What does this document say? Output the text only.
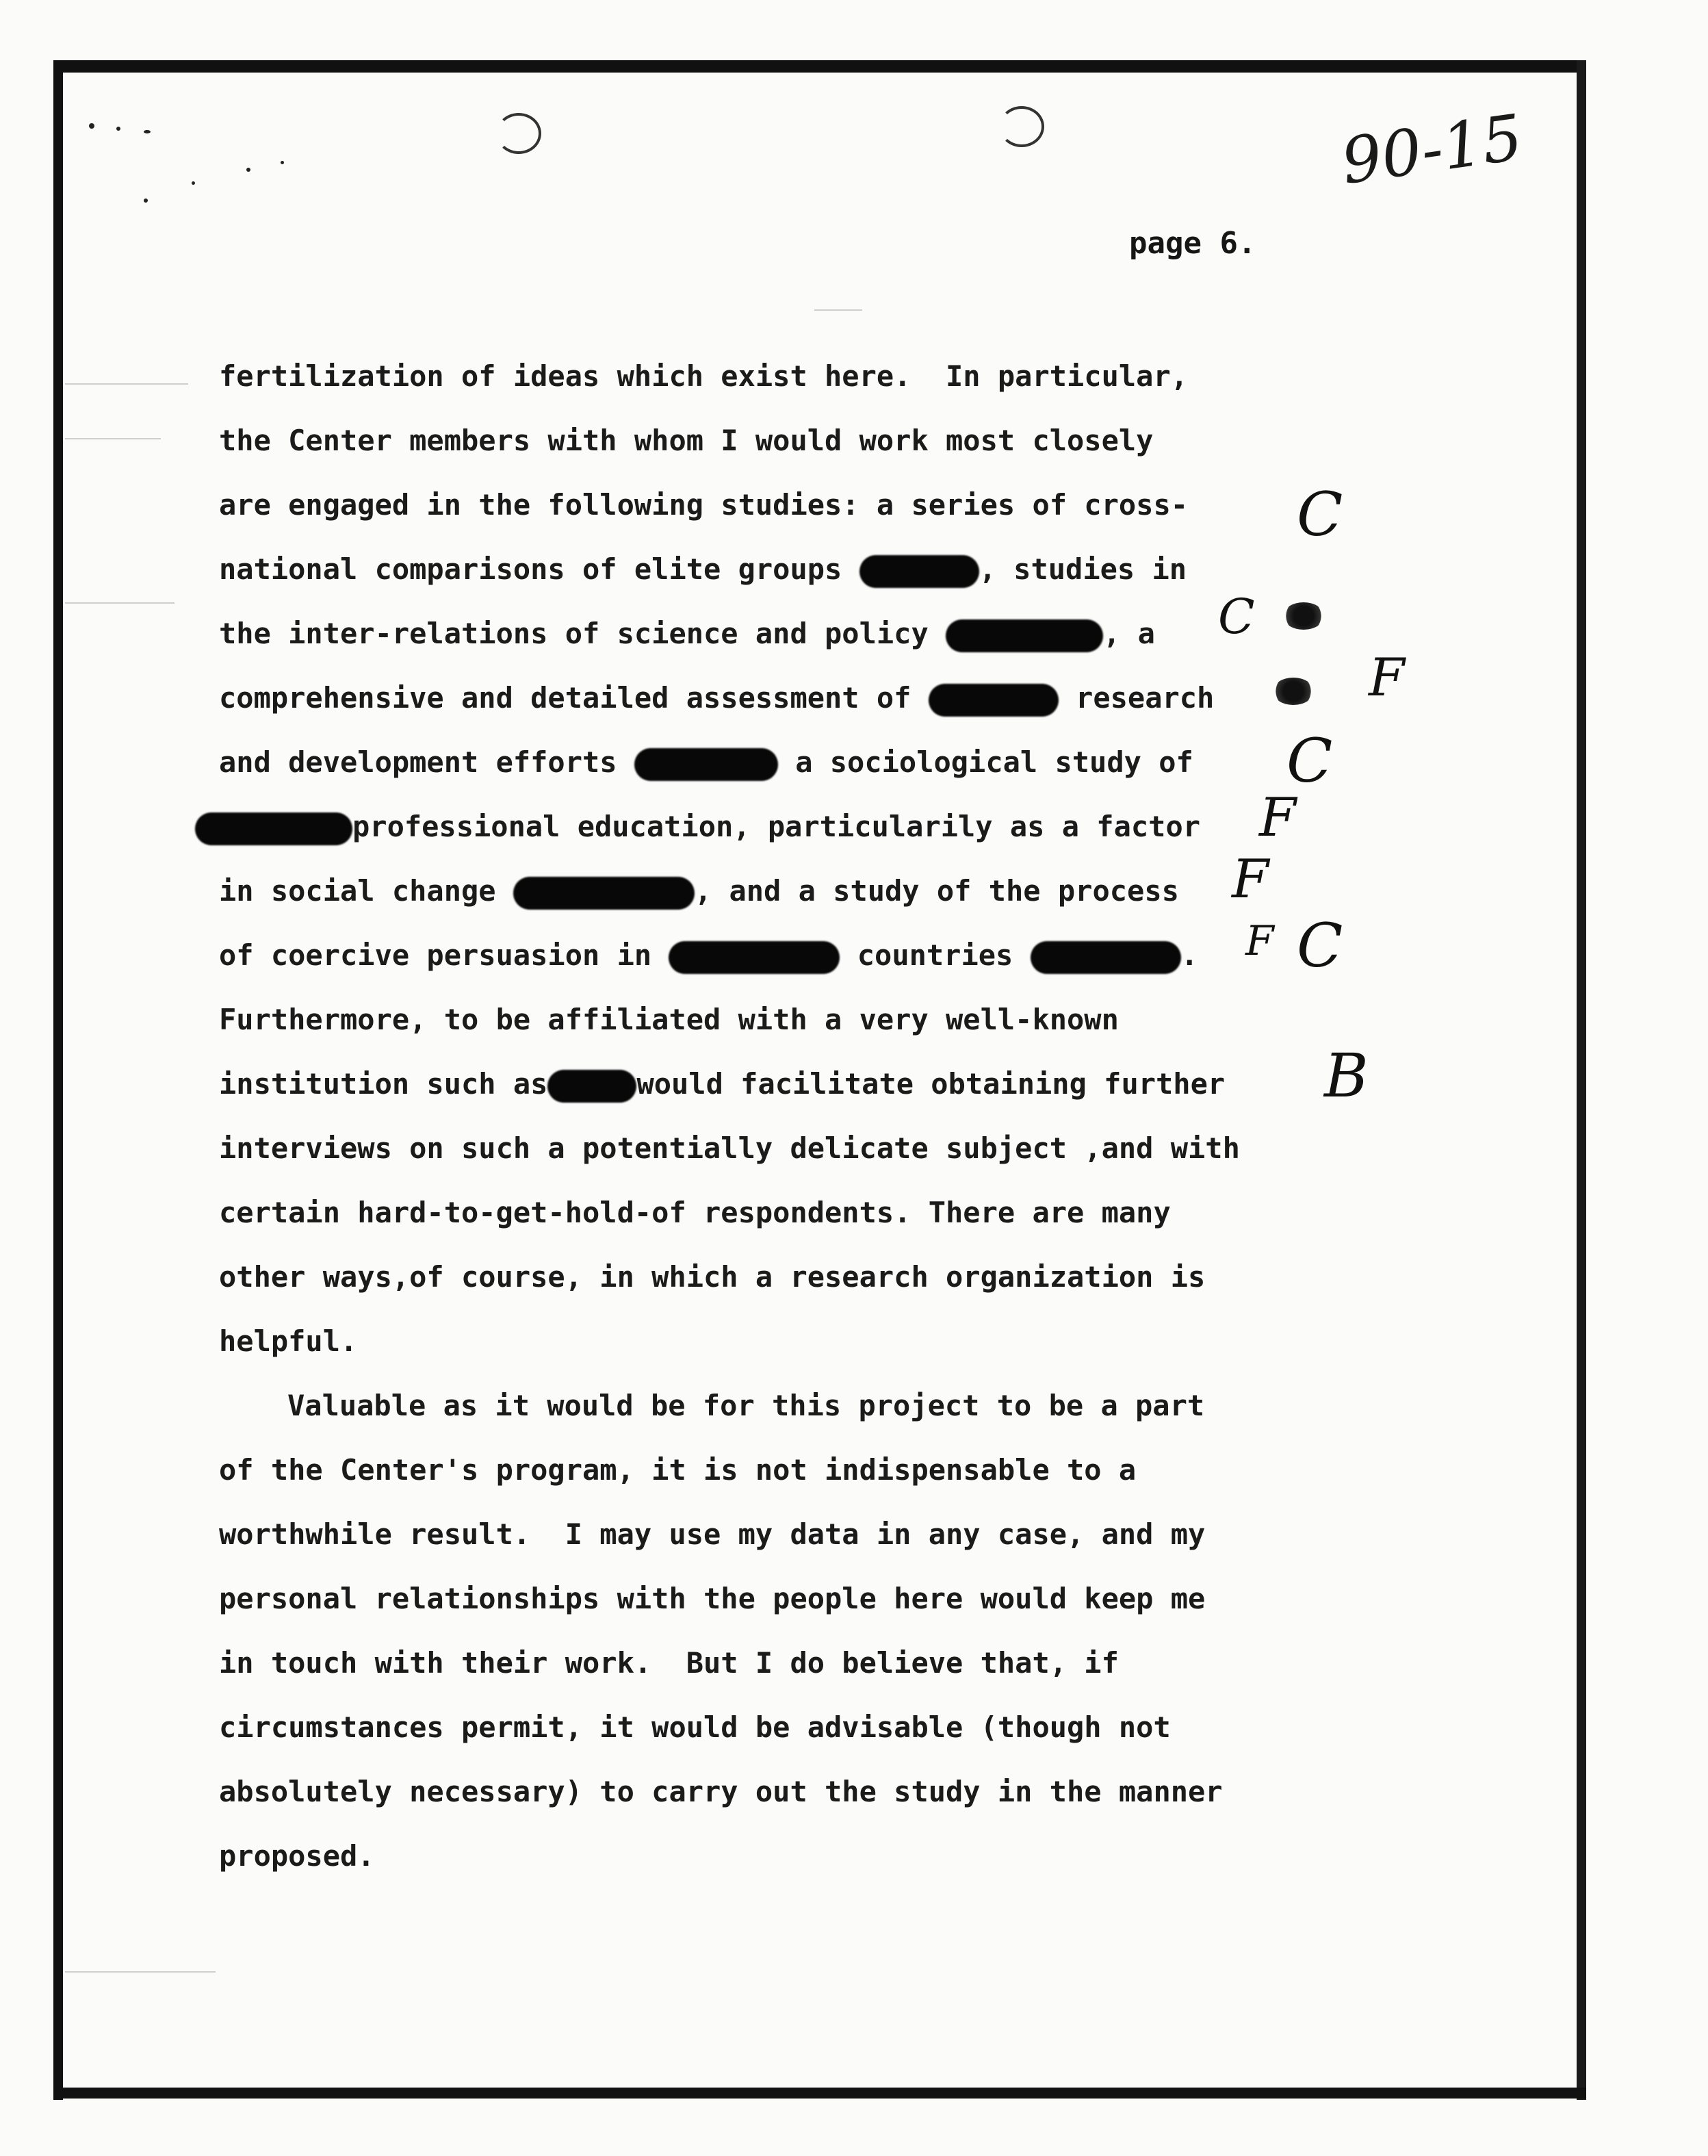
90-15
page 6.
fertilization of ideas which exist here.  In particular,
the Center members with whom I would work most closely
are engaged in the following studies: a series of cross-
national comparisons of elite groups	, studies in
the inter-relations of science and policy	, a
comprehensive and detailed assessment of	research
and development efforts	a sociological study of
professional education, particularily as a factor
in social change	, and a study of the process
of coercive persuasion in	countries	.
Furthermore, to be affiliated with a very well-known
institution such as	would facilitate obtaining further
interviews on such a potentially delicate subject ,and with
certain hard-to-get-hold-of respondents. There are many
other ways,of course, in which a research organization is
helpful.
Valuable as it would be for this project to be a part
of the Center's program, it is not indispensable to a
worthwhile result.  I may use my data in any case, and my
personal relationships with the people here would keep me
in touch with their work.  But I do believe that, if
circumstances permit, it would be advisable (though not
absolutely necessary) to carry out the study in the manner
proposed.
C
C
F
C
F
F
F C
B
